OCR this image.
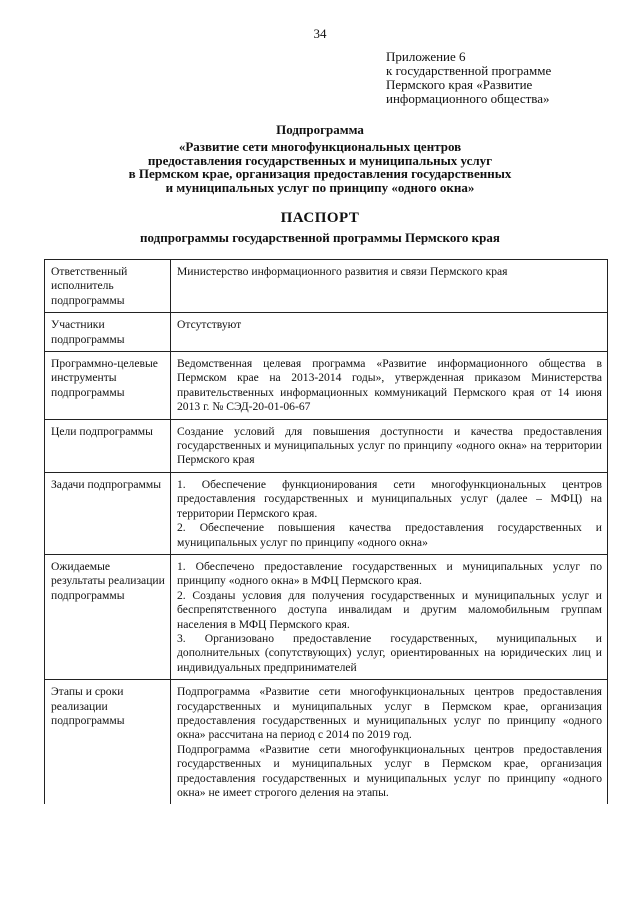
34
Приложение 6
к государственной программе
Пермского края «Развитие
информационного общества»
Подпрограмма
«Развитие сети многофункциональных центров
предоставления государственных и муниципальных услуг
в Пермском крае, организация предоставления государственных
и муниципальных услуг по принципу «одного окна»
ПАСПОРТ
подпрограммы государственной программы Пермского края
Ответственный исполнитель подпрограммы	Министерство информационного развития и связи Пермского края

Участники подпрограммы	Отсутствуют

Программно-целевые инструменты подпрограммы	Ведомственная целевая программа «Развитие информационного общества в Пермском крае на 2013-2014 годы», утвержденная приказом Министерства правительственных информационных коммуникаций Пермского края от 14 июня 2013 г. № СЭД-20-01-06-67

Цели подпрограммы	Создание условий для повышения доступности и качества предоставления государственных и муниципальных услуг по принципу «одного окна» на территории Пермского края

Задачи подпрограммы	1. Обеспечение функционирования сети многофункциональных центров предоставления государственных и муниципальных услуг (далее – МФЦ) на территории Пермского края.
2. Обеспечение повышения качества предоставления государственных и муниципальных услуг по принципу «одного окна»

Ожидаемые результаты реализации подпрограммы	1. Обеспечено предоставление государственных и муниципальных услуг по принципу «одного окна» в МФЦ Пермского края.
2. Созданы условия для получения государственных и муниципальных услуг и беспрепятственного доступа инвалидам и другим маломобильным группам населения в МФЦ Пермского края.
3. Организовано предоставление государственных, муниципальных и дополнительных (сопутствующих) услуг, ориентированных на юридических лиц и индивидуальных предпринимателей

Этапы и сроки реализации подпрограммы	Подпрограмма «Развитие сети многофункциональных центров предоставления государственных и муниципальных услуг в Пермском крае, организация предоставления государственных и муниципальных услуг по принципу «одного окна» рассчитана на период с 2014 по 2019 год.
Подпрограмма «Развитие сети многофункциональных центров предоставления государственных и муниципальных услуг в Пермском крае, организация предоставления государственных и муниципальных услуг по принципу «одного окна» не имеет строгого деления на этапы.
